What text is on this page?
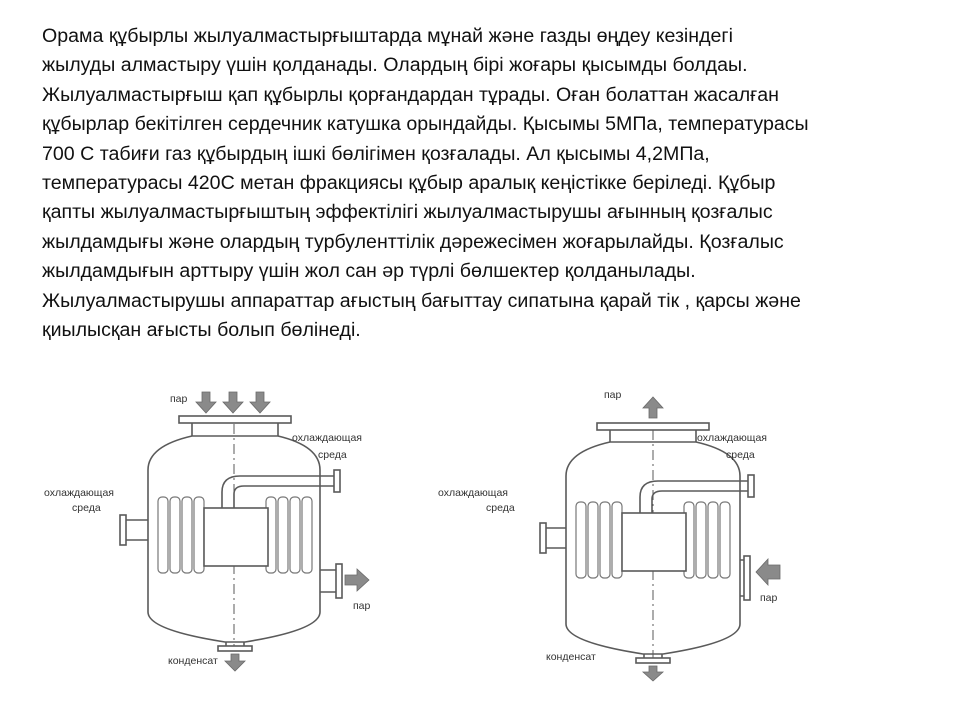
Орама құбырлы жылуалмастырғыштарда мұнай және газды өңдеу кезіндегі
жылуды алмастыру үшін қолданады. Олардың бірі жоғары қысымды болдаы.
Жылуалмастырғыш қап құбырлы қорғандардан тұрады. Оған болаттан жасалған
құбырлар бекітілген сердечник катушка орындайды. Қысымы 5МПа, температурасы
700 С табиғи газ құбырдың ішкі бөлігімен қозғалады. Ал қысымы 4,2МПа,
температурасы 420С метан фракциясы құбыр аралық кеңістікке беріледі. Құбыр
қапты жылуалмастырғыштың эффектілігі жылуалмастырушы ағынның қозғалыс
жылдамдығы және олардың турбуленттілік дәрежесімен жоғарылайды. Қозғалыс
жылдамдығын арттыру үшін жол сан әр түрлі бөлшектер қолданылады.
Жылуалмастырушы аппараттар ағыстың бағыттау сипатына қарай тік , қарсы және
қиылысқан ағысты болып бөлінеді.
пар
охлаждающая
среда
охлаждающая
среда
пар
конденсат
пар
охлаждающая
среда
охлаждающая
среда
пар
конденсат
